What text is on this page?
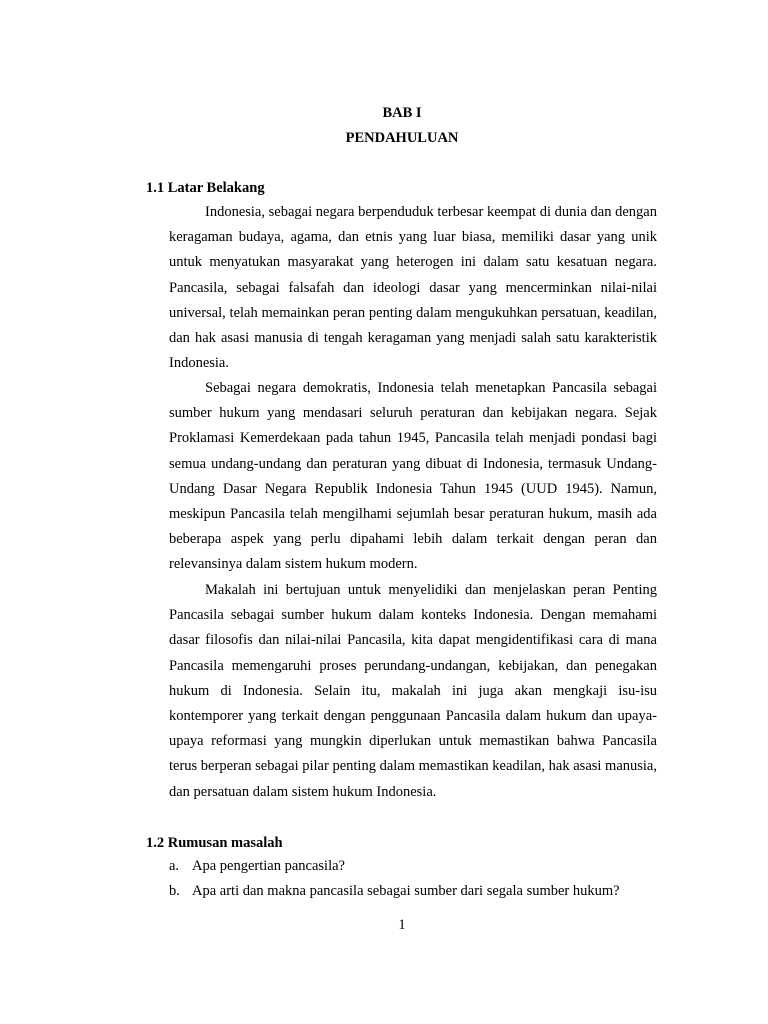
BAB I
PENDAHULUAN
1.1 Latar Belakang

Indonesia, sebagai negara berpenduduk terbesar keempat di dunia dan dengan keragaman budaya, agama, dan etnis yang luar biasa, memiliki dasar yang unik untuk menyatukan masyarakat yang heterogen ini dalam satu kesatuan negara. Pancasila, sebagai falsafah dan ideologi dasar yang mencerminkan nilai-nilai universal, telah memainkan peran penting dalam mengukuhkan persatuan, keadilan, dan hak asasi manusia di tengah keragaman yang menjadi salah satu karakteristik Indonesia.

Sebagai negara demokratis, Indonesia telah menetapkan Pancasila sebagai sumber hukum yang mendasari seluruh peraturan dan kebijakan negara. Sejak Proklamasi Kemerdekaan pada tahun 1945, Pancasila telah menjadi pondasi bagi semua undang-undang dan peraturan yang dibuat di Indonesia, termasuk Undang-Undang Dasar Negara Republik Indonesia Tahun 1945 (UUD 1945). Namun, meskipun Pancasila telah mengilhami sejumlah besar peraturan hukum, masih ada beberapa aspek yang perlu dipahami lebih dalam terkait dengan peran dan relevansinya dalam sistem hukum modern.

Makalah ini bertujuan untuk menyelidiki dan menjelaskan peran Penting Pancasila sebagai sumber hukum dalam konteks Indonesia. Dengan memahami dasar filosofis dan nilai-nilai Pancasila, kita dapat mengidentifikasi cara di mana Pancasila memengaruhi proses perundang-undangan, kebijakan, dan penegakan hukum di Indonesia. Selain itu, makalah ini juga akan mengkaji isu-isu kontemporer yang terkait dengan penggunaan Pancasila dalam hukum dan upaya-upaya reformasi yang mungkin diperlukan untuk memastikan bahwa Pancasila terus berperan sebagai pilar penting dalam memastikan keadilan, hak asasi manusia, dan persatuan dalam sistem hukum Indonesia.

1.2 Rumusan masalah
a. Apa pengertian pancasila?
b. Apa arti dan makna pancasila sebagai sumber dari segala sumber hukum?
1
